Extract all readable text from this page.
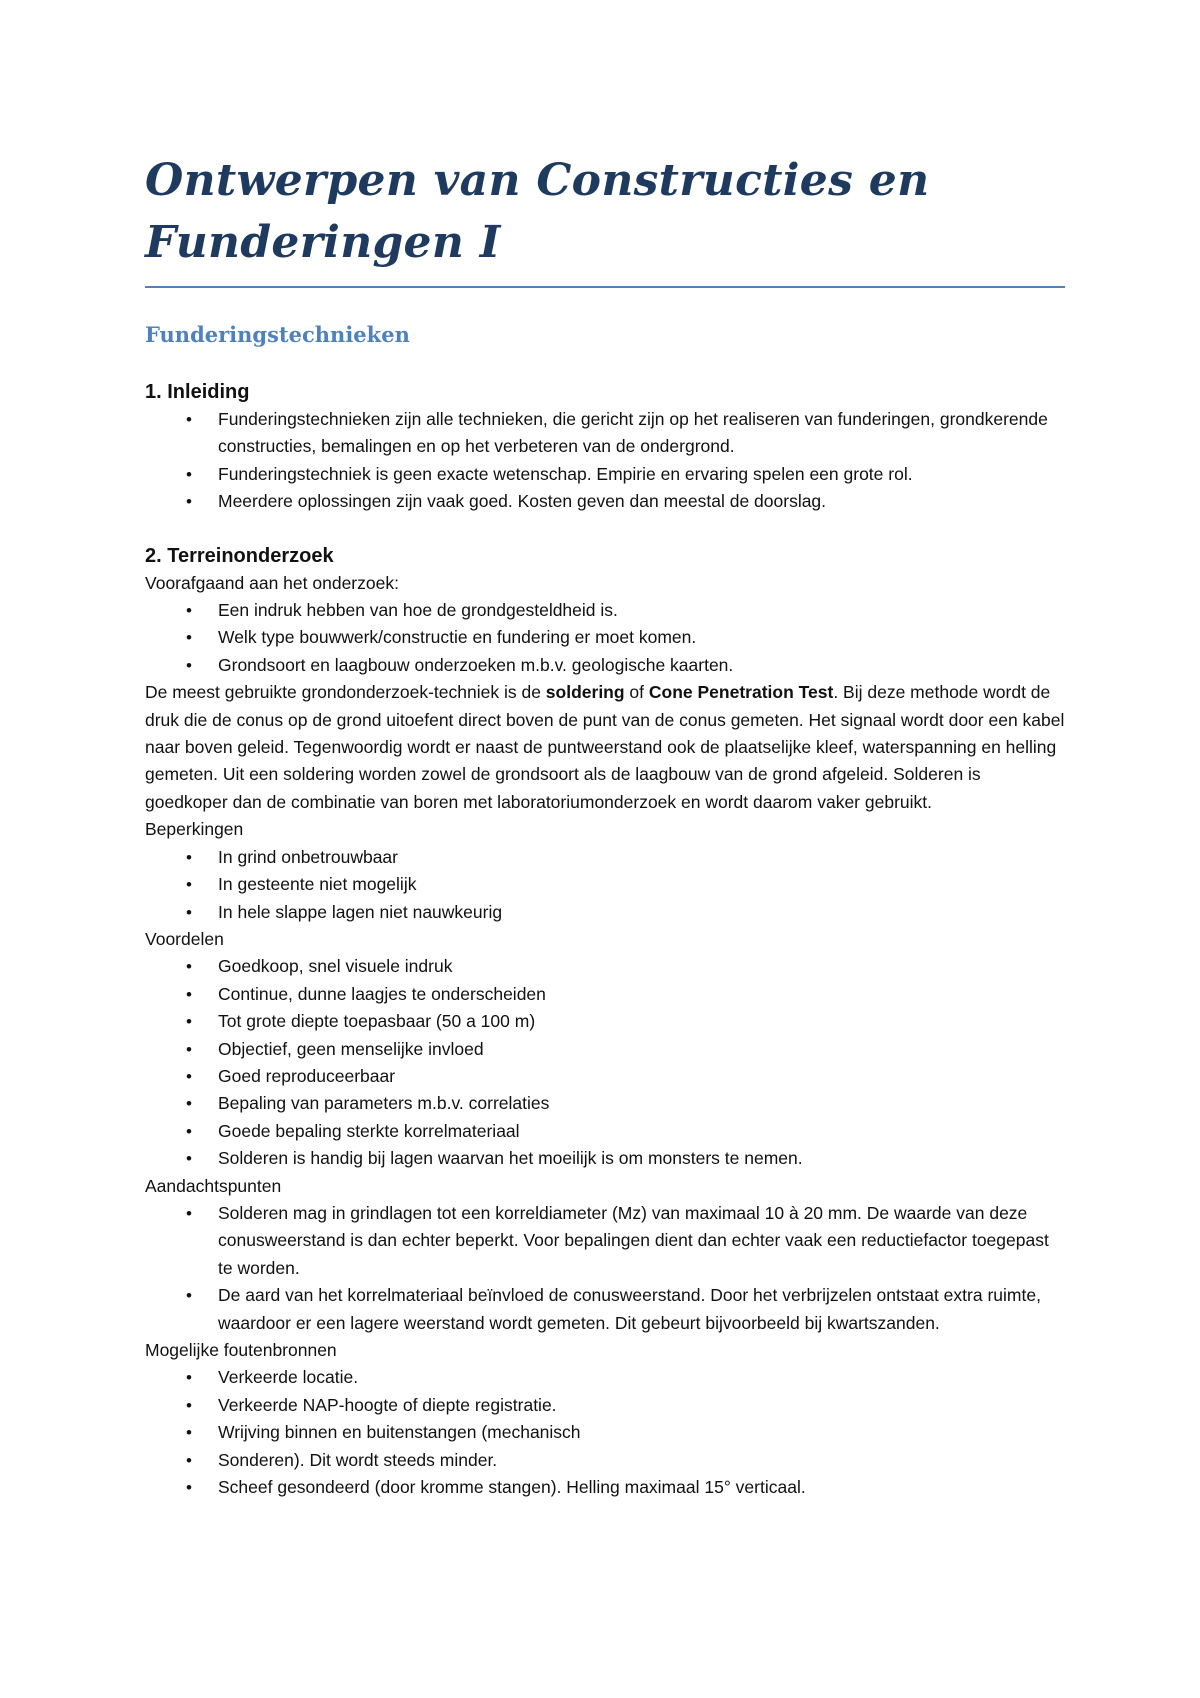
Ontwerpen van Constructies en
Funderingen I
Funderingstechnieken
1. Inleiding
• Funderingstechnieken zijn alle technieken, die gericht zijn op het realiseren van funderingen, grondkerende constructies, bemalingen en op het verbeteren van de ondergrond.
• Funderingstechniek is geen exacte wetenschap. Empirie en ervaring spelen een grote rol.
• Meerdere oplossingen zijn vaak goed. Kosten geven dan meestal de doorslag.
2. Terreinonderzoek

Voorafgaand aan het onderzoek:

• Een indruk hebben van hoe de grondgesteldheid is.
• Welk type bouwwerk/constructie en fundering er moet komen.
• Grondsoort en laagbouw onderzoeken m.b.v. geologische kaarten.

De meest gebruikte grondonderzoek-techniek is de soldering of Cone Penetration Test. Bij deze methode wordt de druk die de conus op de grond uitoefent direct boven de punt van de conus gemeten. Het signaal wordt door een kabel naar boven geleid. Tegenwoordig wordt er naast de puntweerstand ook de plaatselijke kleef, waterspanning en helling gemeten. Uit een soldering worden zowel de grondsoort als de laagbouw van de grond afgeleid. Solderen is goedkoper dan de combinatie van boren met laboratoriumonderzoek en wordt daarom vaker gebruikt.

Beperkingen
• In grind onbetrouwbaar
• In gesteente niet mogelijk
• In hele slappe lagen niet nauwkeurig
Voordelen
• Goedkoop, snel visuele indruk
• Continue, dunne laagjes te onderscheiden
• Tot grote diepte toepasbaar (50 a 100 m)
• Objectief, geen menselijke invloed
• Goed reproduceerbaar
• Bepaling van parameters m.b.v. correlaties
• Goede bepaling sterkte korrelmateriaal
• Solderen is handig bij lagen waarvan het moeilijk is om monsters te nemen.
Aandachtspunten
• Solderen mag in grindlagen tot een korreldiameter (Mz) van maximaal 10 à 20 mm. De waarde van deze conusweerstand is dan echter beperkt. Voor bepalingen dient dan echter vaak een reductiefactor toegepast te worden.
• De aard van het korrelmateriaal beïnvloed de conusweerstand. Door het verbrijzelen ontstaat extra ruimte, waardoor er een lagere weerstand wordt gemeten. Dit gebeurt bijvoorbeeld bij kwartszanden.
Mogelijke foutenbronnen
• Verkeerde locatie.
• Verkeerde NAP-hoogte of diepte registratie.
• Wrijving binnen en buitenstangen (mechanisch
• Sonderen). Dit wordt steeds minder.
• Scheef gesondeerd (door kromme stangen). Helling maximaal 15° verticaal.
